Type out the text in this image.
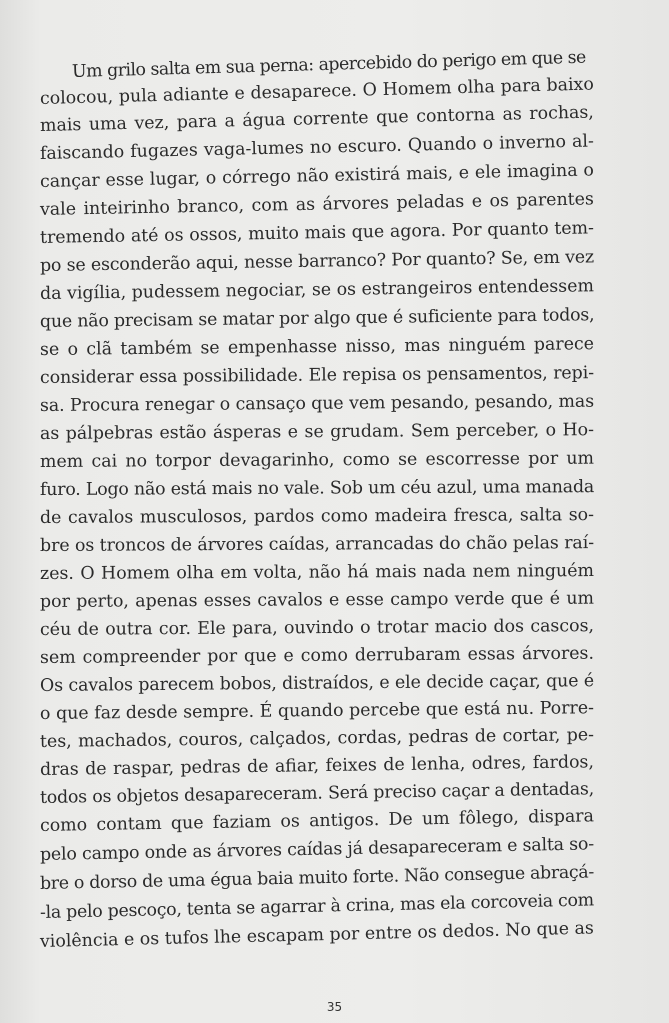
Um grilo salta em sua perna: apercebido do perigo em que se
colocou, pula adiante e desaparece. O Homem olha para baixo
mais uma vez, para a água corrente que contorna as rochas,
faiscando fugazes vaga-lumes no escuro. Quando o inverno al-
cançar esse lugar, o córrego não existirá mais, e ele imagina o
vale inteirinho branco, com as árvores peladas e os parentes
tremendo até os ossos, muito mais que agora. Por quanto tem-
po se esconderão aqui, nesse barranco? Por quanto? Se, em vez
da vigília, pudessem negociar, se os estrangeiros entendessem
que não precisam se matar por algo que é suficiente para todos,
se o clã também se empenhasse nisso, mas ninguém parece
considerar essa possibilidade. Ele repisa os pensamentos, repi-
sa. Procura renegar o cansaço que vem pesando, pesando, mas
as pálpebras estão ásperas e se grudam. Sem perceber, o Ho-
mem cai no torpor devagarinho, como se escorresse por um
furo. Logo não está mais no vale. Sob um céu azul, uma manada
de cavalos musculosos, pardos como madeira fresca, salta so-
bre os troncos de árvores caídas, arrancadas do chão pelas raí-
zes. O Homem olha em volta, não há mais nada nem ninguém
por perto, apenas esses cavalos e esse campo verde que é um
céu de outra cor. Ele para, ouvindo o trotar macio dos cascos,
sem compreender por que e como derrubaram essas árvores.
Os cavalos parecem bobos, distraídos, e ele decide caçar, que é
o que faz desde sempre. É quando percebe que está nu. Porre-
tes, machados, couros, calçados, cordas, pedras de cortar, pe-
dras de raspar, pedras de afiar, feixes de lenha, odres, fardos,
todos os objetos desapareceram. Será preciso caçar a dentadas,
como contam que faziam os antigos. De um fôlego, dispara
pelo campo onde as árvores caídas já desapareceram e salta so-
bre o dorso de uma égua baia muito forte. Não consegue abraçá-
-la pelo pescoço, tenta se agarrar à crina, mas ela corcoveia com
violência e os tufos lhe escapam por entre os dedos. No que as
35
